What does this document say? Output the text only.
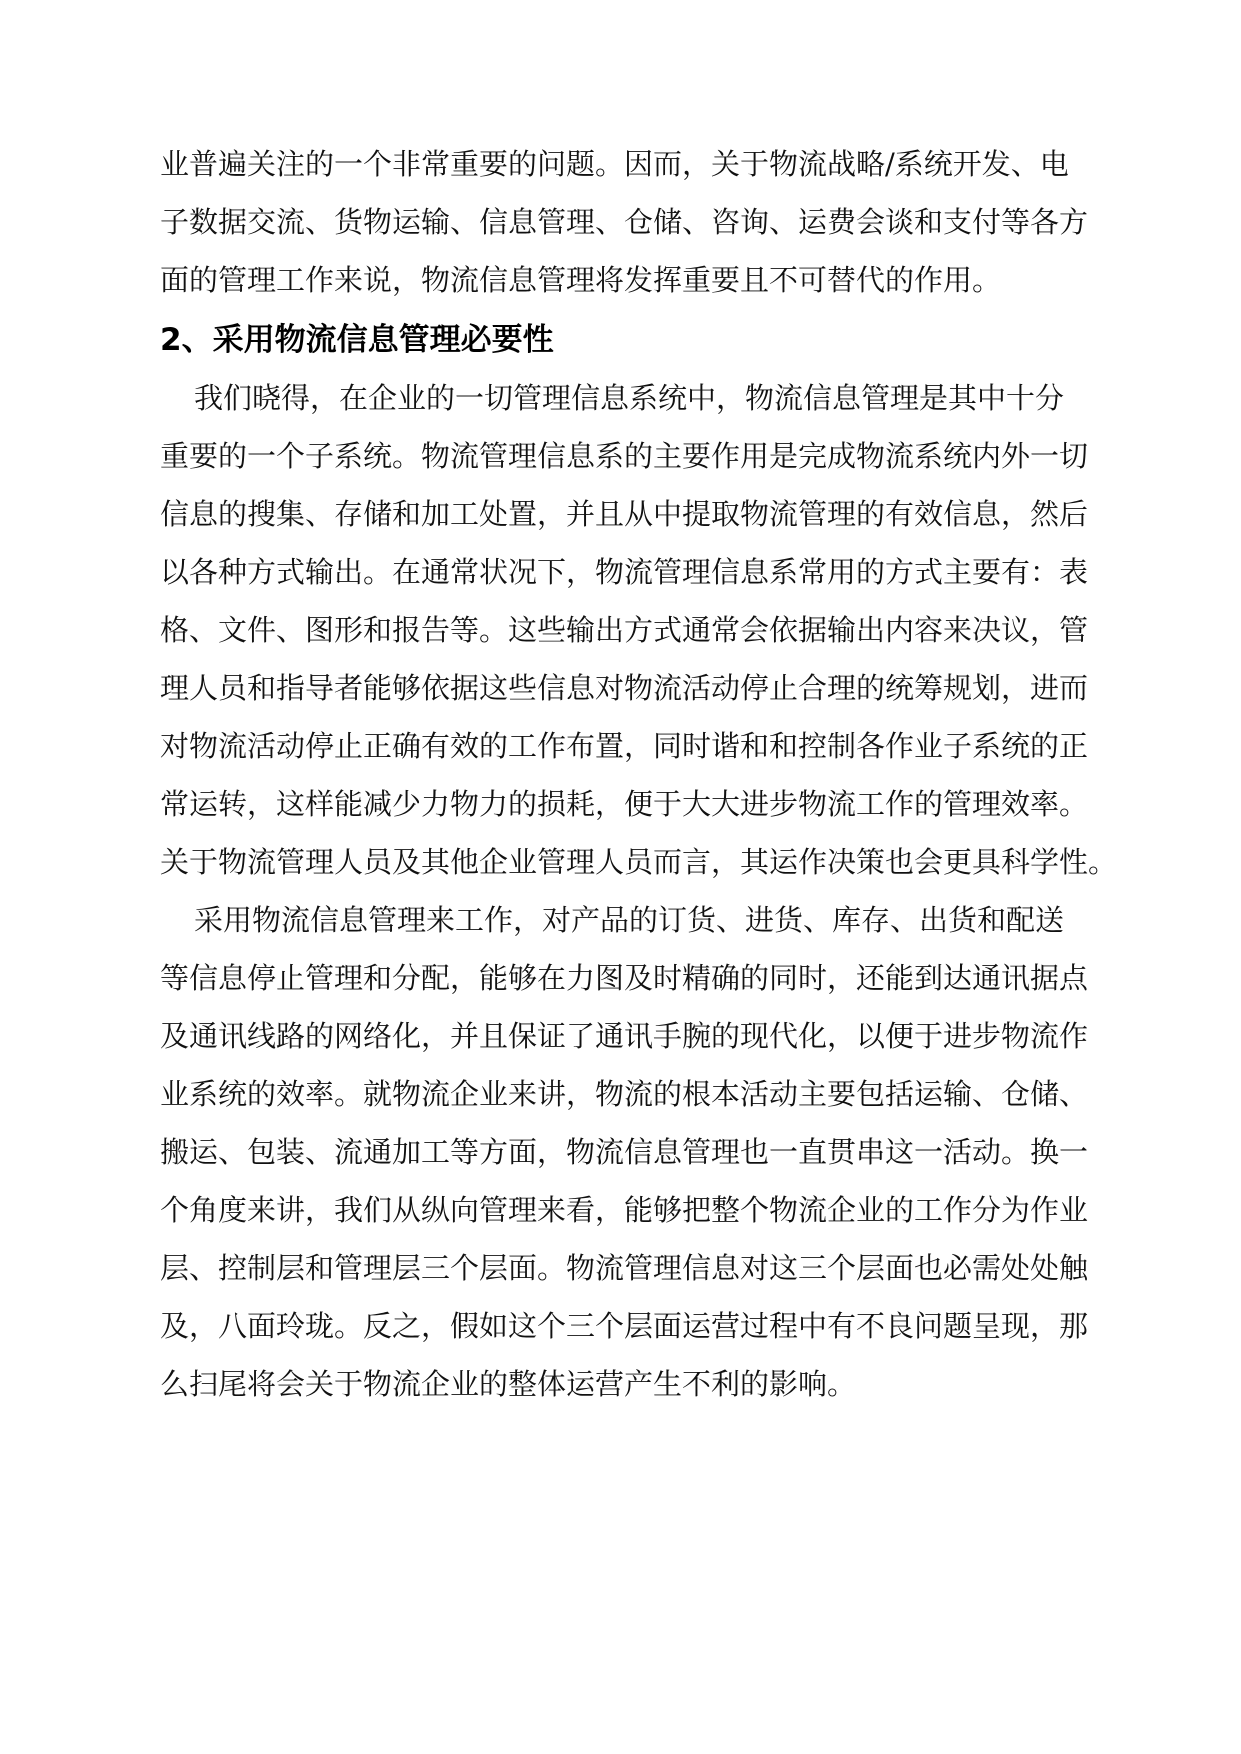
业普遍关注的一个非常重要的问题。因而，关于物流战略/系统开发、电
子数据交流、货物运输、信息管理、仓储、咨询、运费会谈和支付等各方
面的管理工作来说，物流信息管理将发挥重要且不可替代的作用。
2、采用物流信息管理必要性
我们晓得，在企业的一切管理信息系统中，物流信息管理是其中十分
重要的一个子系统。物流管理信息系的主要作用是完成物流系统内外一切
信息的搜集、存储和加工处置，并且从中提取物流管理的有效信息，然后
以各种方式输出。在通常状况下，物流管理信息系常用的方式主要有：表
格、文件、图形和报告等。这些输出方式通常会依据输出内容来决议，管
理人员和指导者能够依据这些信息对物流活动停止合理的统筹规划，进而
对物流活动停止正确有效的工作布置，同时谐和和控制各作业子系统的正
常运转，这样能减少力物力的损耗，便于大大进步物流工作的管理效率。
关于物流管理人员及其他企业管理人员而言，其运作决策也会更具科学性。
采用物流信息管理来工作，对产品的订货、进货、库存、出货和配送
等信息停止管理和分配，能够在力图及时精确的同时，还能到达通讯据点
及通讯线路的网络化，并且保证了通讯手腕的现代化，以便于进步物流作
业系统的效率。就物流企业来讲，物流的根本活动主要包括运输、仓储、
搬运、包装、流通加工等方面，物流信息管理也一直贯串这一活动。换一
个角度来讲，我们从纵向管理来看，能够把整个物流企业的工作分为作业
层、控制层和管理层三个层面。物流管理信息对这三个层面也必需处处触
及，八面玲珑。反之，假如这个三个层面运营过程中有不良问题呈现，那
么扫尾将会关于物流企业的整体运营产生不利的影响。
